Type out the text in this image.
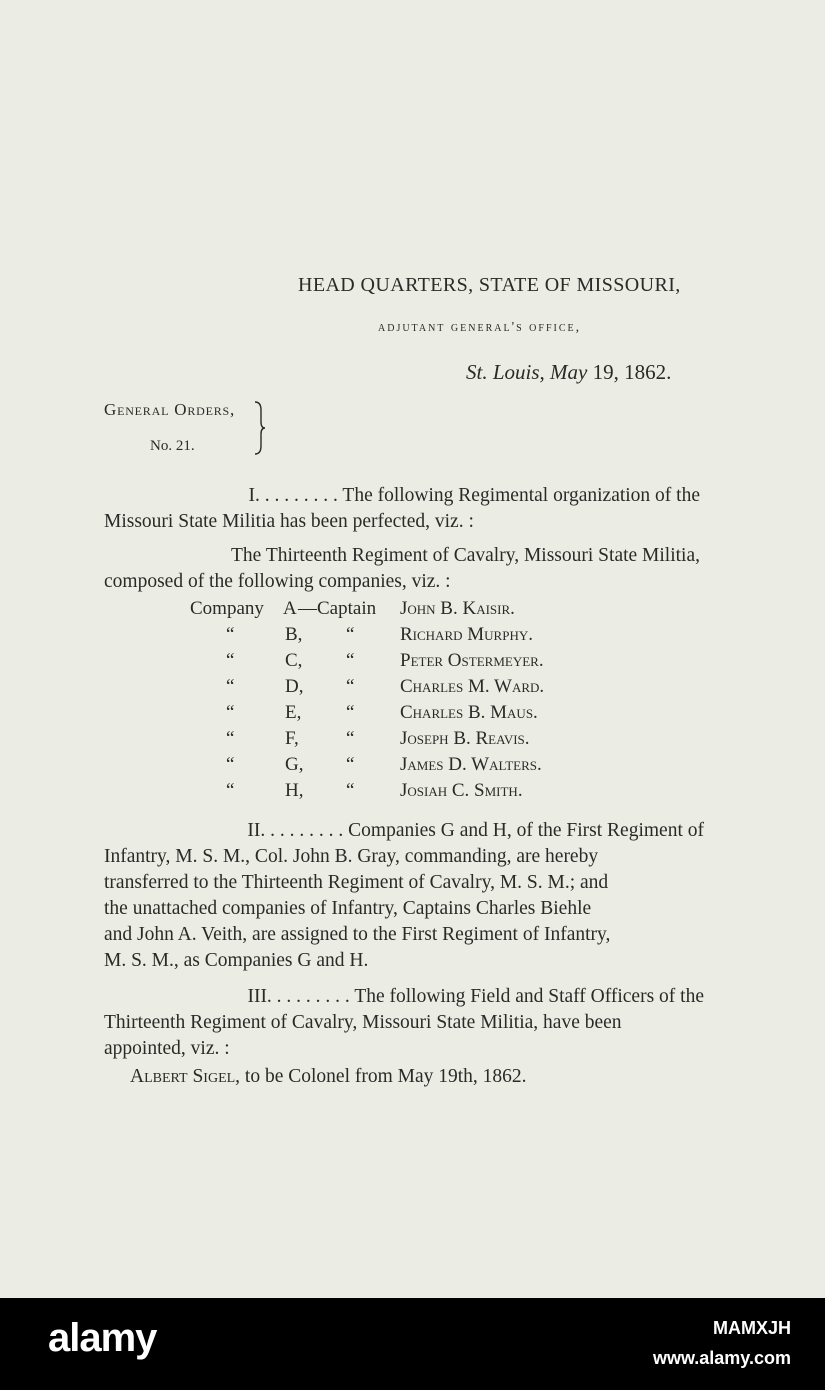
HEAD QUARTERS, STATE OF MISSOURI,
adjutant general's office,
St. Louis, May 19, 1862.
General Orders,
No. 21.
I. . . . . . . . . The following Regimental organization of the
Missouri State Militia has been perfected, viz. :
The Thirteenth Regiment of Cavalry, Missouri State Militia,
composed of the following companies, viz. :
Company A —Captain John B. Kaisir.
“	B, “ Richard Murphy.
“	C, “ Peter Ostermeyer.
“	D, “ Charles M. Ward.
“	E, “ Charles B. Maus.
“	F, “ Joseph B. Reavis.
“	G, “ James D. Walters.
“	H, “ Josiah C. Smith.
II. . . . . . . . . Companies G and H, of the First Regiment of
Infantry, M. S. M., Col. John B. Gray, commanding, are hereby
transferred to the Thirteenth Regiment of Cavalry, M. S. M.; and
the unattached companies of Infantry, Captains Charles Biehle
and John A. Veith, are assigned to the First Regiment of Infantry,
M. S. M., as Companies G and H.
III. . . . . . . . . The following Field and Staff Officers of the
Thirteenth Regiment of Cavalry, Missouri State Militia, have been
appointed, viz. :
Albert Sigel, to be Colonel from May 19th, 1862.
alamy	MAMXJH
www.alamy.com
